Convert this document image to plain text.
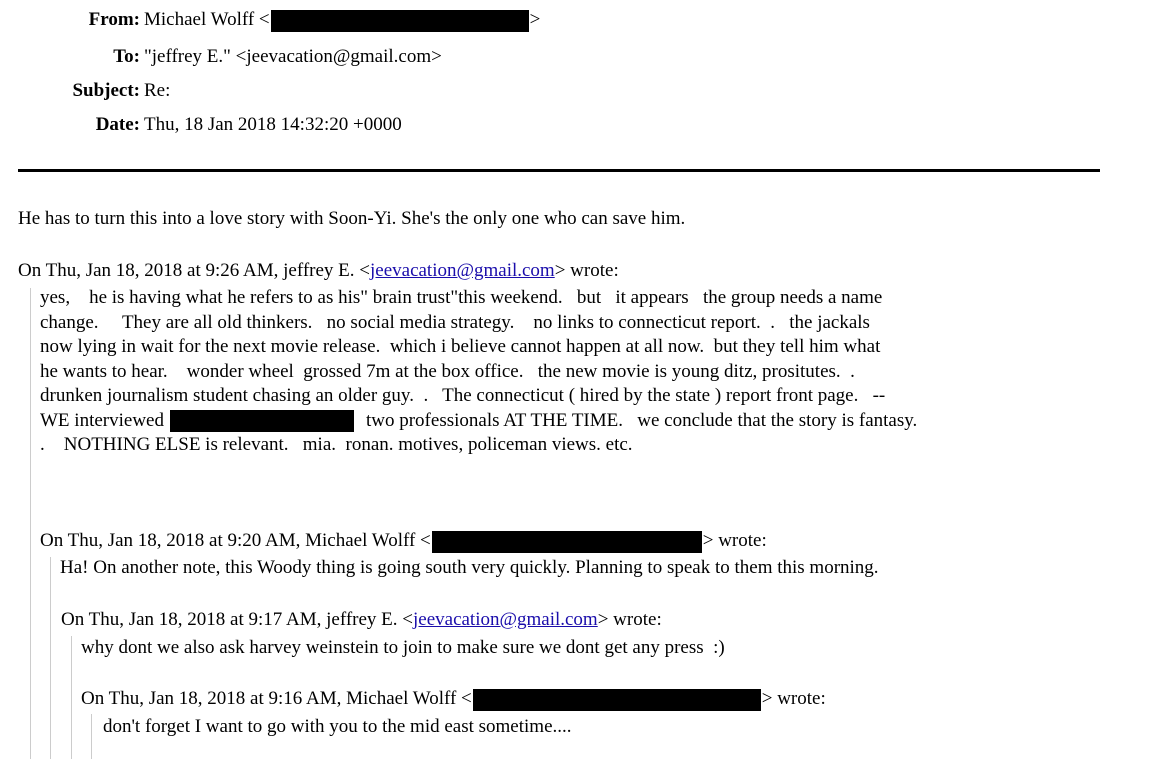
From: Michael Wolff <	>
To: "jeffrey E." <jeevacation@gmail.com>
Subject: Re:
Date: Thu, 18 Jan 2018 14:32:20 +0000
He has to turn this into a love story with Soon-Yi. She's the only one who can save him.
On Thu, Jan 18, 2018 at 9:26 AM, jeffrey E. <jeevacation@gmail.com> wrote:
yes,    he is having what he refers to as his" brain trust"this weekend.   but   it appears   the group needs a name
change.     They are all old thinkers.   no social media strategy.    no links to connecticut report.  .   the jackals
now lying in wait for the next movie release.  which i believe cannot happen at all now.  but they tell him what
he wants to hear.    wonder wheel  grossed 7m at the box office.   the new movie is young ditz, prositutes.  .
drunken journalism student chasing an older guy.  .   The connecticut ( hired by the state ) report front page.   --
WE interviewed	two professionals AT THE TIME.   we conclude that the story is fantasy.
.    NOTHING ELSE is relevant.   mia.  ronan. motives, policeman views. etc.
On Thu, Jan 18, 2018 at 9:20 AM, Michael Wolff <	> wrote:
Ha! On another note, this Woody thing is going south very quickly. Planning to speak to them this morning.
On Thu, Jan 18, 2018 at 9:17 AM, jeffrey E. <jeevacation@gmail.com> wrote:
why dont we also ask harvey weinstein to join to make sure we dont get any press  :)
On Thu, Jan 18, 2018 at 9:16 AM, Michael Wolff <	> wrote:
don't forget I want to go with you to the mid east sometime....
